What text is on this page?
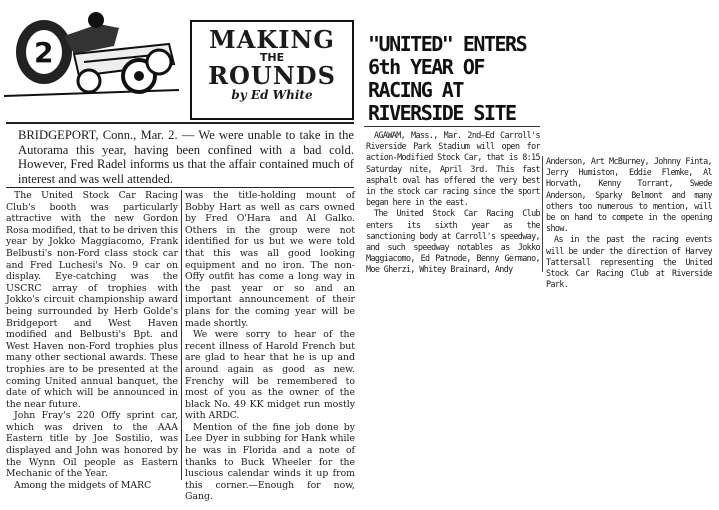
2	MAKING
THE
ROUNDS
by Ed White
BRIDGEPORT, Conn., Mar. 2. — We were unable to take in the Autorama this year, having been confined with a bad cold. However, Fred Radel informs us that the affair contained much of interest and was well attended.

The United Stock Car Racing Club's booth was particularly attractive with the new Gordon Rosa modified, that to be driven this year by Jokko Maggiacomo, Frank Belbusti's non-Ford class stock car and Fred Luchesi's No. 9 car on display. Eye-catching was the USCRC array of trophies with Jokko's circuit championship award being surrounded by Herb Golde's Bridgeport and West Haven modified and Belbusti's Bpt. and West Haven non-Ford trophies plus many other sectional awards. These trophies are to be presented at the coming United annual banquet, the date of which will be announced in the near future.

John Fray's 220 Offy sprint car, which was driven to the AAA Eastern title by Joe Sostilio, was displayed and John was honored by the Wynn Oil people as Eastern Mechanic of the Year.

Among the midgets of MARC

was the title-holding mount of Bobby Hart as well as cars owned by Fred O'Hara and Al Galko. Others in the group were not identified for us but we were told that this was all good looking equipment and no iron. The non-Offy outfit has come a long way in the past year or so and an important announcement of their plans for the coming year will be made shortly.

We were sorry to hear of the recent illness of Harold French but are glad to hear that he is up and around again as good as new. Frenchy will be remembered to most of you as the owner of the black No. 49 KK midget run mostly with ARDC.

Mention of the fine job done by Lee Dyer in subbing for Hank while he was in Florida and a note of thanks to Buck Wheeler for the luscious calendar winds it up from this corner.—Enough for now, Gang.

"UNITED" ENTERS 6th YEAR OF RACING AT RIVERSIDE SITE

AGAWAM, Mass., Mar. 2nd—Ed Carroll's Riverside Park Stadium will open for action-Modified Stock Car, that is 8:15 Saturday nite, April 3rd. This fast asphalt oval has offered the very best in the stock car racing since the sport began here in the east.

The United Stock Car Racing Club enters its sixth year as the sanctioning body at Carroll's speedway, and such speedway notables as Jokko Maggiacomo, Ed Patnode, Benny Germano, Moe Gherzi, Whitey Brainard, Andy

Anderson, Art McBurney, Johnny Finta, Jerry Humiston, Eddie Flemke, Al Horvath, Kenny Torrant, Swede Anderson, Sparky Belmont and many others too numerous to mention, will be on hand to compete in the opening show.

As in the past the racing events will be under the direction of Harvey Tattersall representing the United Stock Car Racing Club at Riverside Park.
